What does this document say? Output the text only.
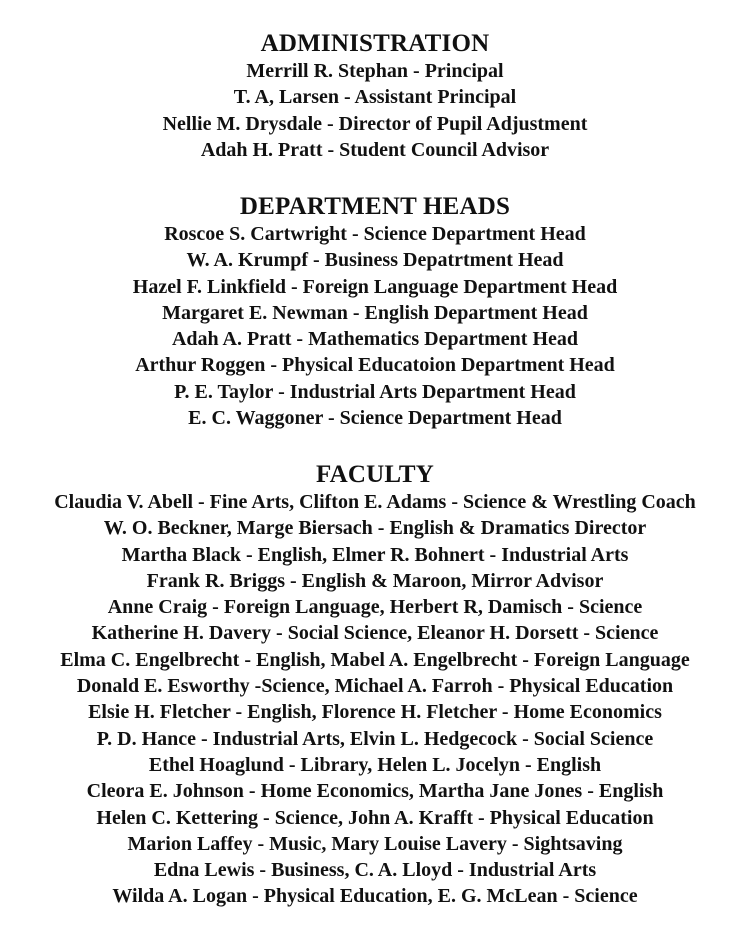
ADMINISTRATION
Merrill R. Stephan - Principal
T. A, Larsen - Assistant Principal
Nellie M. Drysdale - Director of Pupil Adjustment
Adah H. Pratt - Student Council Advisor
DEPARTMENT HEADS
Roscoe S. Cartwright - Science Department Head
W. A. Krumpf - Business Depatrtment Head
Hazel F. Linkfield - Foreign Language Department Head
Margaret E. Newman - English Department Head
Adah A. Pratt - Mathematics Department Head
Arthur Roggen - Physical Educatoion Department Head
P. E. Taylor - Industrial Arts Department Head
E. C. Waggoner - Science Department Head
FACULTY
Claudia V. Abell - Fine Arts, Clifton E. Adams - Science & Wrestling Coach
W. O. Beckner, Marge Biersach - English & Dramatics Director
Martha Black - English, Elmer R. Bohnert - Industrial Arts
Frank R. Briggs - English & Maroon, Mirror Advisor
Anne Craig - Foreign Language, Herbert R, Damisch - Science
Katherine H. Davery - Social Science, Eleanor H. Dorsett - Science
Elma C. Engelbrecht - English, Mabel A. Engelbrecht - Foreign Language
Donald E. Esworthy -Science, Michael A. Farroh - Physical Education
Elsie H. Fletcher - English, Florence H. Fletcher - Home Economics
P. D. Hance - Industrial Arts, Elvin L. Hedgecock - Social Science
Ethel Hoaglund - Library, Helen L. Jocelyn - English
Cleora E. Johnson - Home Economics, Martha Jane Jones - English
Helen C. Kettering - Science, John A. Krafft - Physical Education
Marion Laffey - Music, Mary Louise Lavery - Sightsaving
Edna Lewis - Business, C. A. Lloyd - Industrial Arts
Wilda A. Logan - Physical Education, E. G. McLean - Science
